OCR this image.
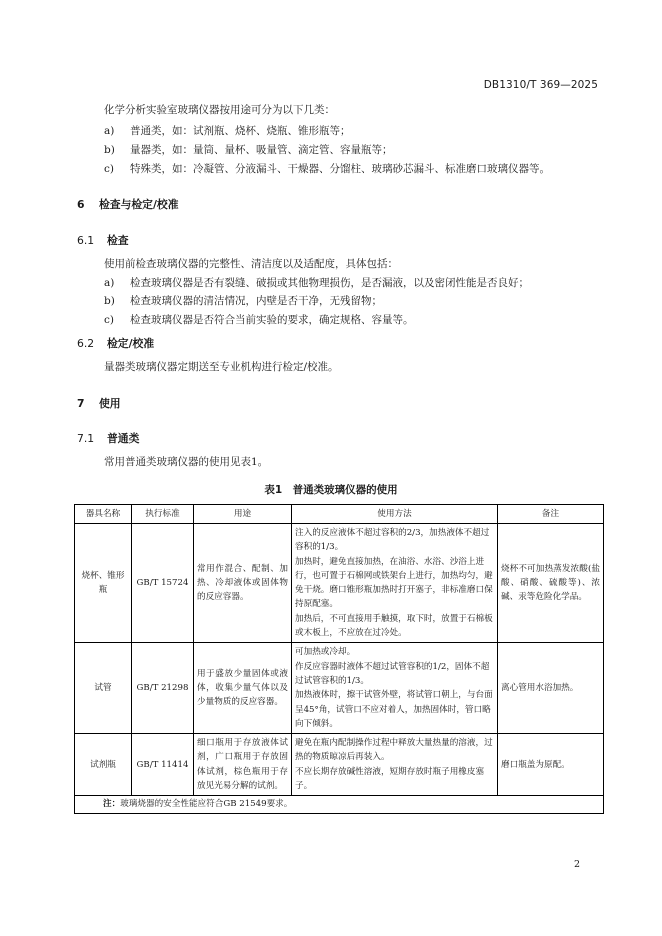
DB1310/T 369—2025
化学分析实验室玻璃仪器按用途可分为以下几类：
a) 普通类，如：试剂瓶、烧杯、烧瓶、锥形瓶等；
b) 量器类，如：量筒、量杯、吸量管、滴定管、容量瓶等；
c) 特殊类，如：冷凝管、分液漏斗、干燥器、分馏柱、玻璃砂芯漏斗、标准磨口玻璃仪器等。
6 检查与检定/校准
6.1 检查
使用前检查玻璃仪器的完整性、清洁度以及适配度，具体包括：
a) 检查玻璃仪器是否有裂缝、破损或其他物理损伤，是否漏液，以及密闭性能是否良好；
b) 检查玻璃仪器的清洁情况，内壁是否干净，无残留物；
c) 检查玻璃仪器是否符合当前实验的要求，确定规格、容量等。
6.2 检定/校准
量器类玻璃仪器定期送至专业机构进行检定/校准。
7 使用
7.1 普通类
常用普通类玻璃仪器的使用见表1。
表1　普通类玻璃仪器的使用
器具名称	执行标准	用途	使用方法	备注
烧杯、锥形瓶	GB/T 15724	常用作混合、配制、加热、冷却液体或固体物的反应容器。	注入的反应液体不超过容积的2/3，加热液体不超过容积的1/3。
加热时，避免直接加热，在油浴、水浴、沙浴上进行，也可置于石棉网或铁架台上进行，加热均匀，避免干烧。磨口锥形瓶加热时打开塞子，非标准磨口保持原配塞。
加热后，不可直接用手触摸，取下时，放置于石棉板或木板上，不应放在过冷处。	烧杯不可加热蒸发浓酸(盐酸、硝酸、硫酸等)、浓碱、汞等危险化学品。
试管	GB/T 21298	用于盛放少量固体或液体，收集少量气体以及少量物质的反应容器。	可加热或冷却。
作反应容器时液体不超过试管容积的1/2，固体不超过试管容积的1/3。
加热液体时，擦干试管外壁，将试管口朝上，与台面呈45°角，试管口不应对着人，加热固体时，管口略向下倾斜。	离心管用水浴加热。
试剂瓶	GB/T 11414	细口瓶用于存放液体试剂，广口瓶用于存放固体试剂，棕色瓶用于存放见光易分解的试剂。	避免在瓶内配制操作过程中释放大量热量的溶液，过热的物质晾凉后再装入。
不应长期存放碱性溶液，短期存放时瓶子用橡皮塞子。	磨口瓶盖为原配。
注：玻璃烧器的安全性能应符合GB 21549要求。				
2
